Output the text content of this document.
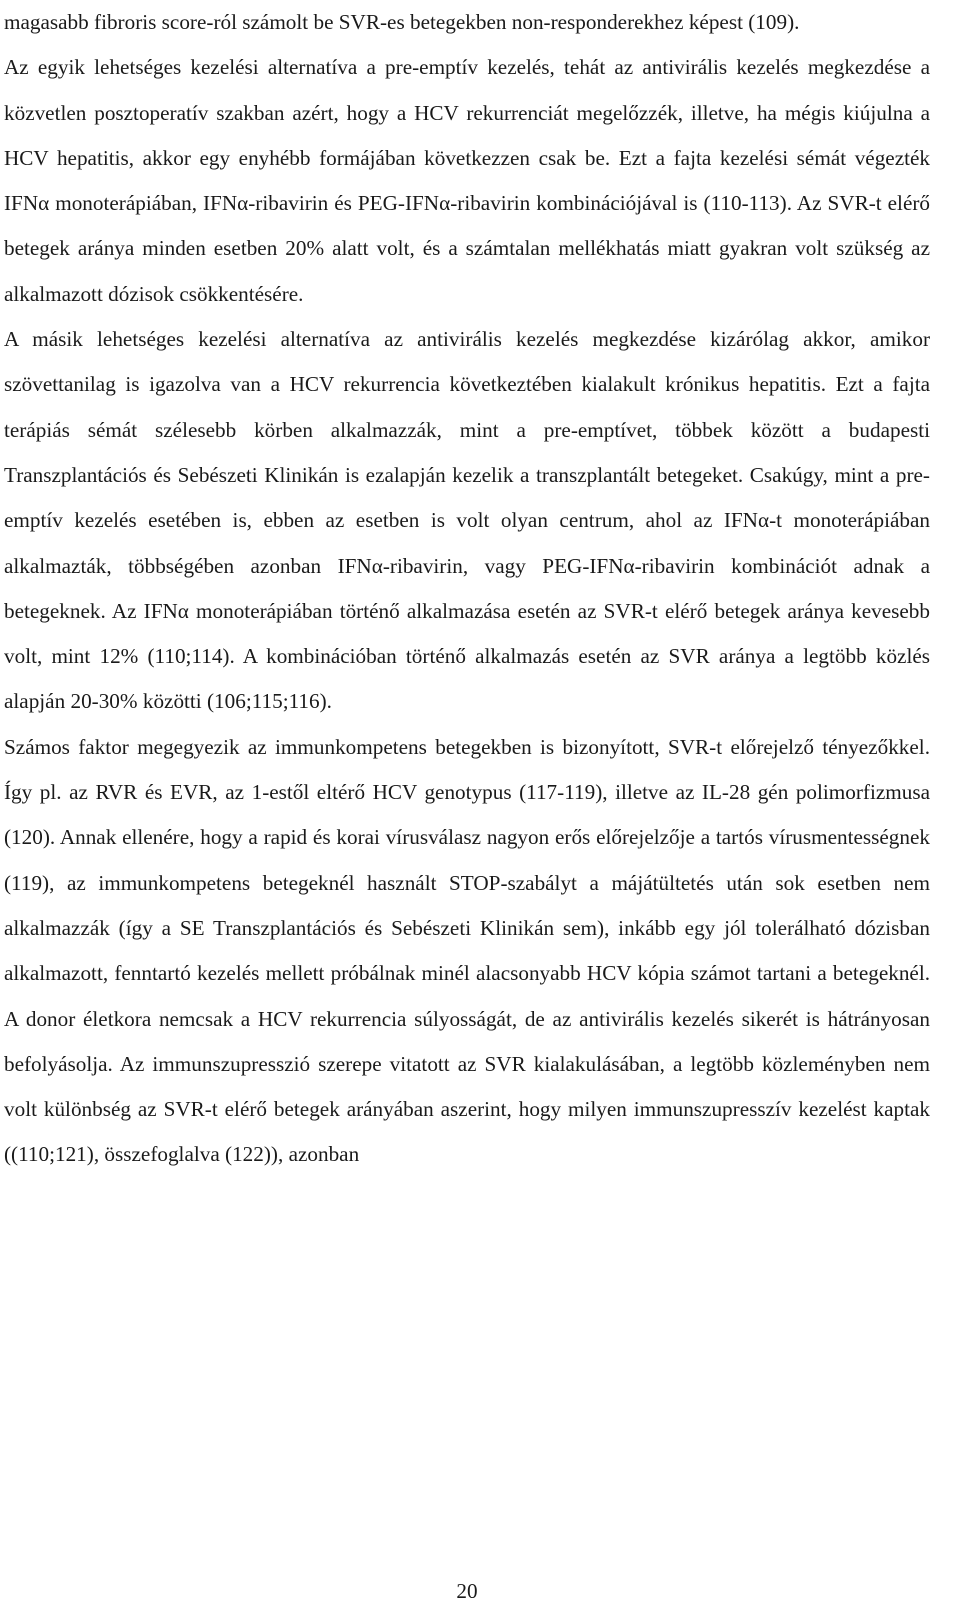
magasabb fibroris score-ról számolt be SVR-es betegekben non-responderekhez képest (109).

Az egyik lehetséges kezelési alternatíva a pre-emptív kezelés, tehát az antivirális kezelés megkezdése a közvetlen posztoperatív szakban azért, hogy a HCV rekurrenciát megelőzzék, illetve, ha mégis kiújulna a HCV hepatitis, akkor egy enyhébb formájában következzen csak be. Ezt a fajta kezelési sémát végezték IFNα monoterápiában, IFNα-ribavirin és PEG-IFNα-ribavirin kombinációjával is (110-113). Az SVR-t elérő betegek aránya minden esetben 20% alatt volt, és a számtalan mellékhatás miatt gyakran volt szükség az alkalmazott dózisok csökkentésére.

A másik lehetséges kezelési alternatíva az antivirális kezelés megkezdése kizárólag akkor, amikor szövettanilag is igazolva van a HCV rekurrencia következtében kialakult krónikus hepatitis. Ezt a fajta terápiás sémát szélesebb körben alkalmazzák, mint a pre-emptívet, többek között a budapesti Transzplantációs és Sebészeti Klinikán is ezalapján kezelik a transzplantált betegeket. Csakúgy, mint a pre-emptív kezelés esetében is, ebben az esetben is volt olyan centrum, ahol az IFNα-t monoterápiában alkalmazták, többségében azonban IFNα-ribavirin, vagy PEG-IFNα-ribavirin kombinációt adnak a betegeknek. Az IFNα monoterápiában történő alkalmazása esetén az SVR-t elérő betegek aránya kevesebb volt, mint 12% (110;114). A kombinációban történő alkalmazás esetén az SVR aránya a legtöbb közlés alapján 20-30% közötti (106;115;116).

Számos faktor megegyezik az immunkompetens betegekben is bizonyított, SVR-t előrejelző tényezőkkel. Így pl. az RVR és EVR, az 1-estől eltérő HCV genotypus (117-119), illetve az IL-28 gén polimorfizmusa (120). Annak ellenére, hogy a rapid és korai vírusválasz nagyon erős előrejelzője a tartós vírusmentességnek (119), az immunkompetens betegeknél használt STOP-szabályt a májátültetés után sok esetben nem alkalmazzák (így a SE Transzplantációs és Sebészeti Klinikán sem), inkább egy jól tolerálható dózisban alkalmazott, fenntartó kezelés mellett próbálnak minél alacsonyabb HCV kópia számot tartani a betegeknél. A donor életkora nemcsak a HCV rekurrencia súlyosságát, de az antivirális kezelés sikerét is hátrányosan befolyásolja. Az immunszupresszió szerepe vitatott az SVR kialakulásában, a legtöbb közleményben nem volt különbség az SVR-t elérő betegek arányában aszerint, hogy milyen immunszupresszív kezelést kaptak ((110;121), összefoglalva (122)), azonban

20
